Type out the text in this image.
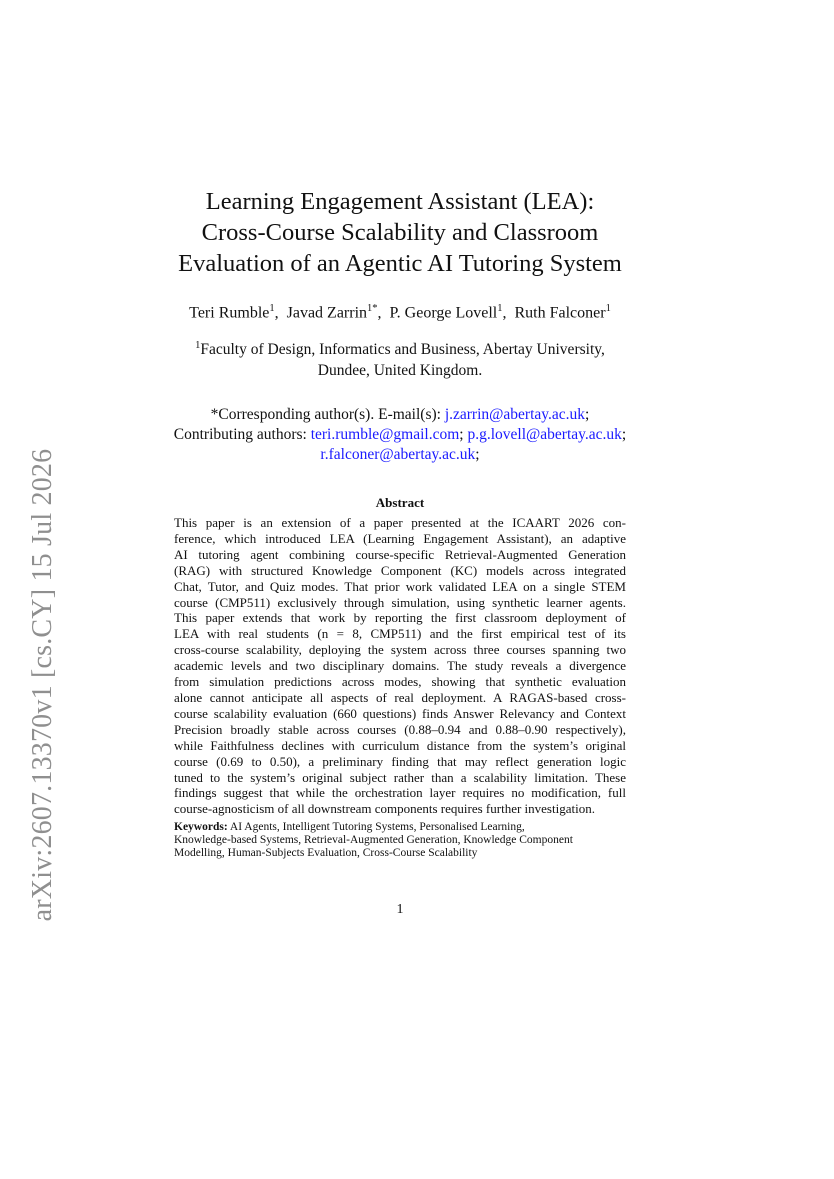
arXiv:2607.13370v1 [cs.CY] 15 Jul 2026
Learning Engagement Assistant (LEA):
Cross-Course Scalability and Classroom
Evaluation of an Agentic AI Tutoring System
Teri Rumble$^1$,  Javad Zarrin$^{1*}$,  P. George Lovell$^1$,  Ruth Falconer$^1$
$^1$Faculty of Design, Informatics and Business, Abertay University,
Dundee, United Kingdom.
*Corresponding author(s). E-mail(s): j.zarrin@abertay.ac.uk;
Contributing authors: teri.rumble@gmail.com; p.g.lovell@abertay.ac.uk;
r.falconer@abertay.ac.uk;
Abstract
This paper is an extension of a paper presented at the ICAART 2026 con-
ference, which introduced LEA (Learning Engagement Assistant), an adaptive
AI tutoring agent combining course-specific Retrieval-Augmented Generation
(RAG) with structured Knowledge Component (KC) models across integrated
Chat, Tutor, and Quiz modes. That prior work validated LEA on a single STEM
course (CMP511) exclusively through simulation, using synthetic learner agents.
This paper extends that work by reporting the first classroom deployment of
LEA with real students (n = 8, CMP511) and the first empirical test of its
cross-course scalability, deploying the system across three courses spanning two
academic levels and two disciplinary domains. The study reveals a divergence
from simulation predictions across modes, showing that synthetic evaluation
alone cannot anticipate all aspects of real deployment. A RAGAS-based cross-
course scalability evaluation (660 questions) finds Answer Relevancy and Context
Precision broadly stable across courses (0.88–0.94 and 0.88–0.90 respectively),
while Faithfulness declines with curriculum distance from the system’s original
course (0.69 to 0.50), a preliminary finding that may reflect generation logic
tuned to the system’s original subject rather than a scalability limitation. These
findings suggest that while the orchestration layer requires no modification, full
course-agnosticism of all downstream components requires further investigation.
Keywords: AI Agents, Intelligent Tutoring Systems, Personalised Learning,
Knowledge-based Systems, Retrieval-Augmented Generation, Knowledge Component
Modelling, Human-Subjects Evaluation, Cross-Course Scalability
1
